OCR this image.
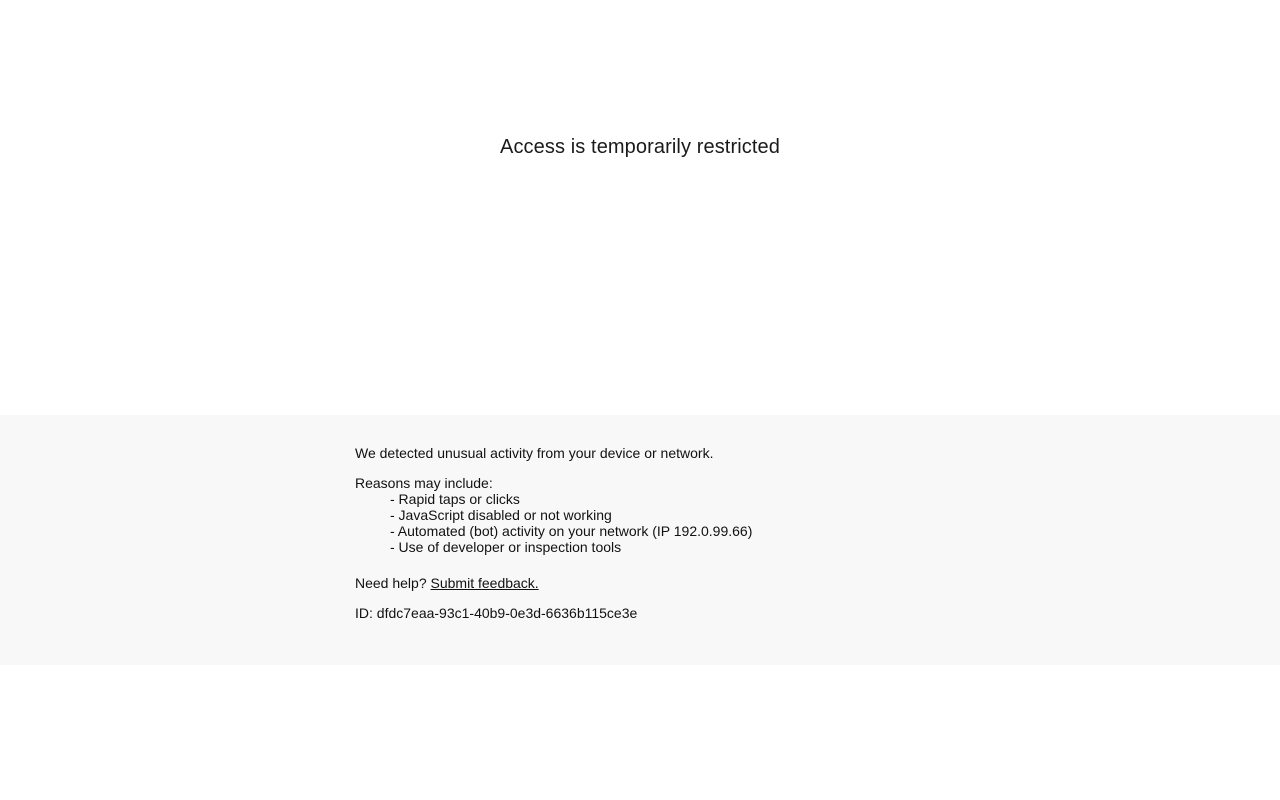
Access is temporarily restricted
We detected unusual activity from your device or network.
Reasons may include:
- Rapid taps or clicks
- JavaScript disabled or not working
- Automated (bot) activity on your network (IP 192.0.99.66)
- Use of developer or inspection tools
Need help? Submit feedback.
ID: dfdc7eaa-93c1-40b9-0e3d-6636b115ce3e
